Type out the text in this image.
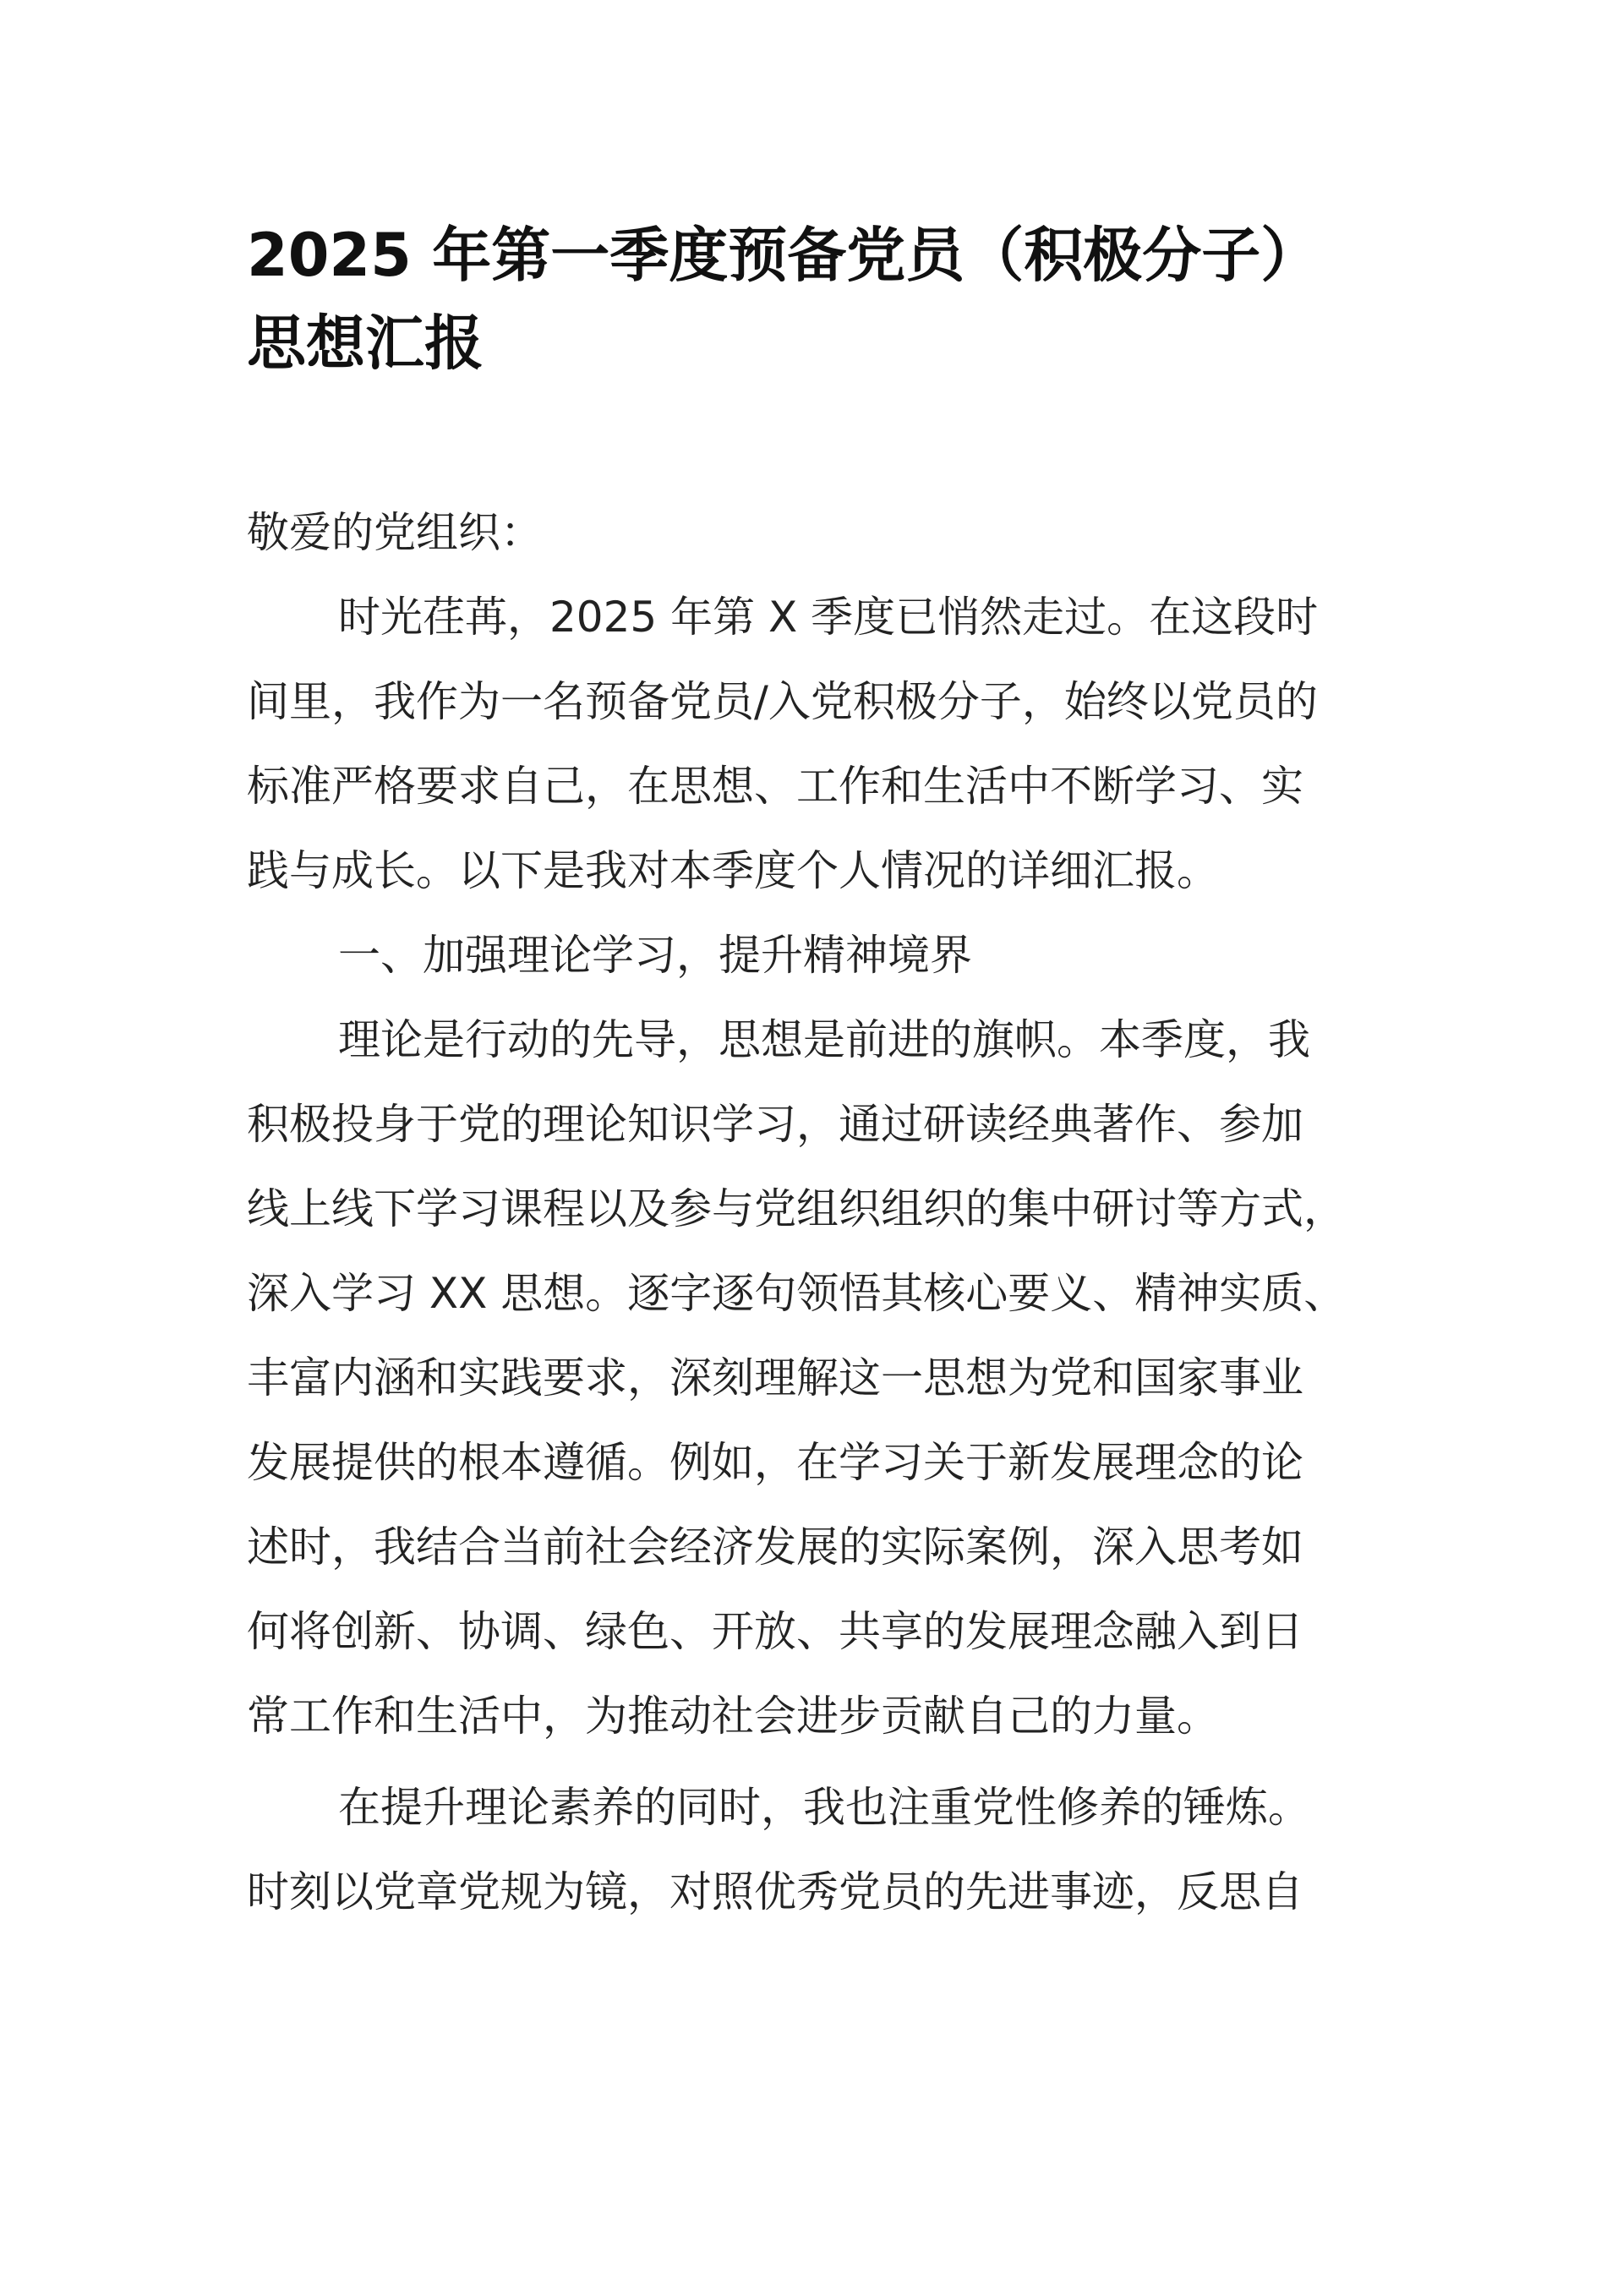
2025 年第一季度预备党员（积极分子）
思想汇报

敬爱的党组织：

时光荏苒，2025 年第 X 季度已悄然走过。在这段时
间里，我作为一名预备党员/入党积极分子，始终以党员的
标准严格要求自己，在思想、工作和生活中不断学习、实
践与成长。以下是我对本季度个人情况的详细汇报。

一、加强理论学习，提升精神境界

理论是行动的先导，思想是前进的旗帜。本季度，我
积极投身于党的理论知识学习，通过研读经典著作、参加
线上线下学习课程以及参与党组织组织的集中研讨等方式，
深入学习 XX 思想。逐字逐句领悟其核心要义、精神实质、
丰富内涵和实践要求，深刻理解这一思想为党和国家事业
发展提供的根本遵循。例如，在学习关于新发展理念的论
述时，我结合当前社会经济发展的实际案例，深入思考如
何将创新、协调、绿色、开放、共享的发展理念融入到日
常工作和生活中，为推动社会进步贡献自己的力量。

在提升理论素养的同时，我也注重党性修养的锤炼。
时刻以党章党规为镜，对照优秀党员的先进事迹，反思自
